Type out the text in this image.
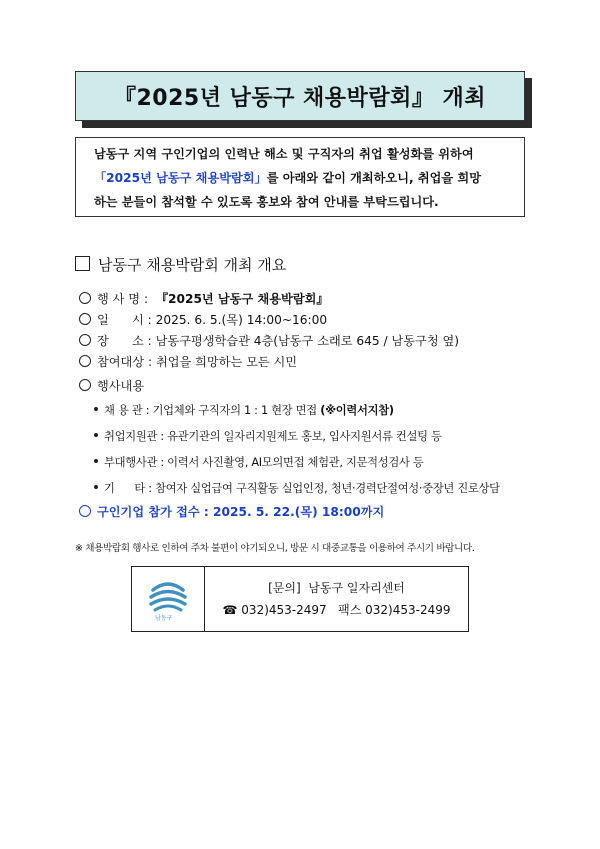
『2025년 남동구 채용박람회』 개최
남동구 지역 구인기업의 인력난 해소 및 구직자의 취업 활성화를 위하여
「2025년 남동구 채용박람회」를 아래와 같이 개최하오니, 취업을 희망
하는 분들이 참석할 수 있도록 홍보와 참여 안내를 부탁드립니다.
남동구 채용박람회 개최 개요
행 사 명 : 『2025년 남동구 채용박람회』
일      시 : 2025. 6. 5.(목) 14:00~16:00
장      소 : 남동구평생학습관 4층(남동구 소래로 645 / 남동구청 옆)
참여대상 : 취업을 희망하는 모든 시민
행사내용
채 용 관 : 기업체와 구직자의 1 : 1 현장 면접 (※이력서지참)
취업지원관 : 유관기관의 일자리지원제도 홍보, 입사지원서류 컨설팅 등
부대행사관 : 이력서 사진촬영, AI모의면접 체험관, 지문적성검사 등
기      타 : 참여자 실업급여 구직활동 실업인정, 청년·경력단절여성·중장년 진로상담
구인기업 참가 접수 : 2025. 5. 22.(목) 18:00까지
※ 채용박람회 행사로 인하여 주차 불편이 야기되오니, 방문 시 대중교통을 이용하여 주시기 바랍니다.
남동구
[문의]  남동구 일자리센터
☎ 032)453-2497 팩스 032)453-2499
